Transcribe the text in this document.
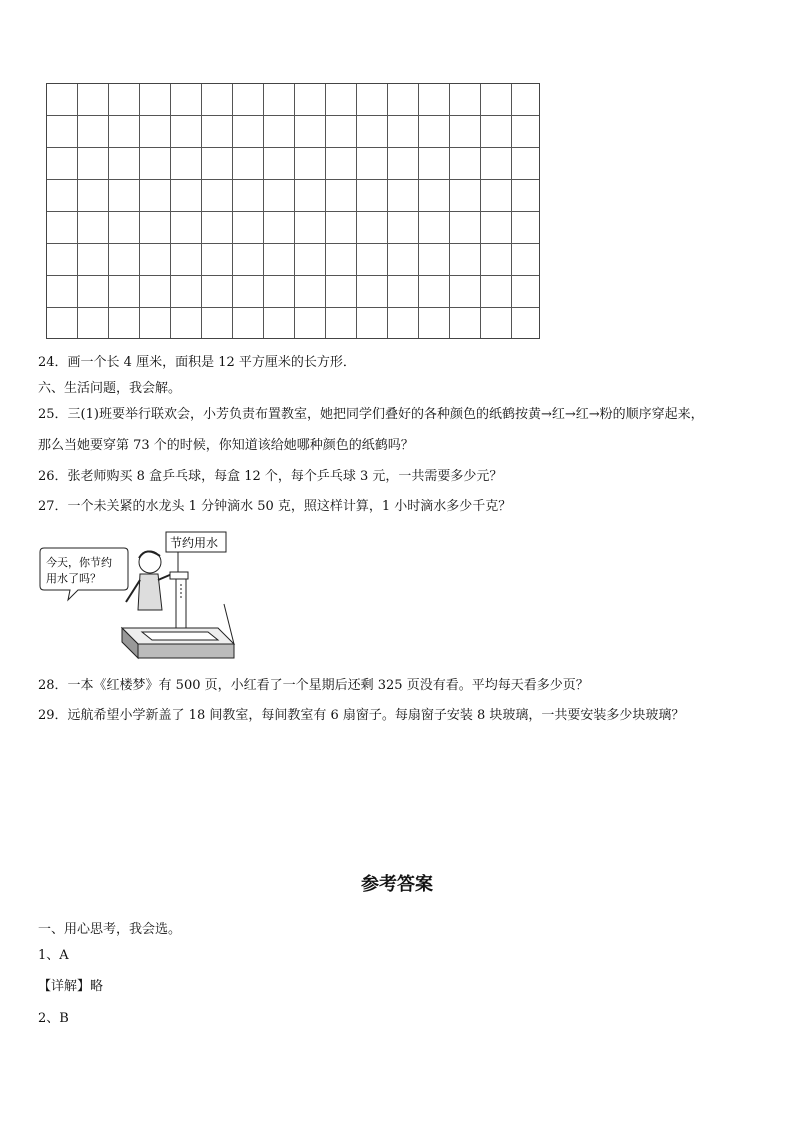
24．画一个长 4 厘米，面积是 12 平方厘米的长方形．
六、生活问题，我会解。
25．三(1)班要举行联欢会，小芳负责布置教室，她把同学们叠好的各种颜色的纸鹤按黄→红→红→粉的顺序穿起来，
那么当她要穿第 73 个的时候，你知道该给她哪种颜色的纸鹤吗？
26．张老师购买 8 盒乒乓球，每盒 12 个，每个乒乓球 3 元，一共需要多少元？
27．一个未关紧的水龙头 1 分钟滴水 50 克，照这样计算，1 小时滴水多少千克？
今天，你节约
用水了吗？
节约用水
28．一本《红楼梦》有 500 页，小红看了一个星期后还剩 325 页没有看。平均每天看多少页？
29．远航希望小学新盖了 18 间教室，每间教室有 6 扇窗子。每扇窗子安装 8 块玻璃，一共要安装多少块玻璃？
参考答案
一、用心思考，我会选。
1、A
【详解】略
2、B
